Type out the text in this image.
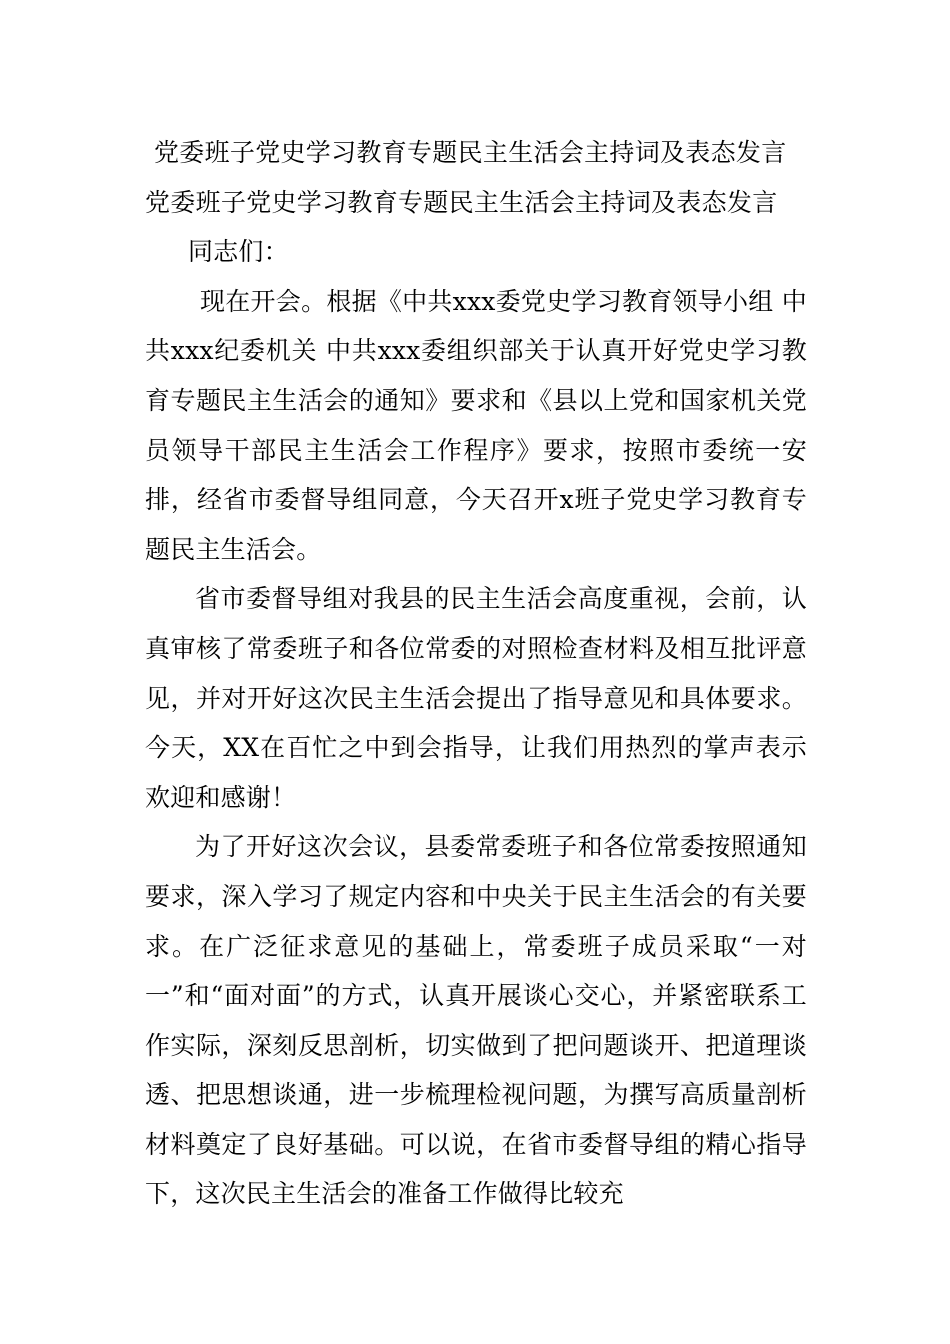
党委班子党史学习教育专题民主生活会主持词及表态发言
党委班子党史学习教育专题民主生活会主持词及表态发言

同志们：

现在开会。根据《中共xxx委党史学习教育领导小组 中共xxx纪委机关 中共xxx委组织部关于认真开好党史学习教育专题民主生活会的通知》要求和《县以上党和国家机关党员领导干部民主生活会工作程序》要求，按照市委统一安排，经省市委督导组同意，今天召开x班子党史学习教育专题民主生活会。

省市委督导组对我县的民主生活会高度重视，会前，认真审核了常委班子和各位常委的对照检查材料及相互批评意见，并对开好这次民主生活会提出了指导意见和具体要求。今天，XX在百忙之中到会指导，让我们用热烈的掌声表示欢迎和感谢！

为了开好这次会议，县委常委班子和各位常委按照通知要求，深入学习了规定内容和中央关于民主生活会的有关要求。在广泛征求意见的基础上，常委班子成员采取“一对一”和“面对面”的方式，认真开展谈心交心，并紧密联系工作实际，深刻反思剖析，切实做到了把问题谈开、把道理谈透、把思想谈通，进一步梳理检视问题，为撰写高质量剖析材料奠定了良好基础。可以说，在省市委督导组的精心指导下，这次民主生活会的准备工作做得比较充
